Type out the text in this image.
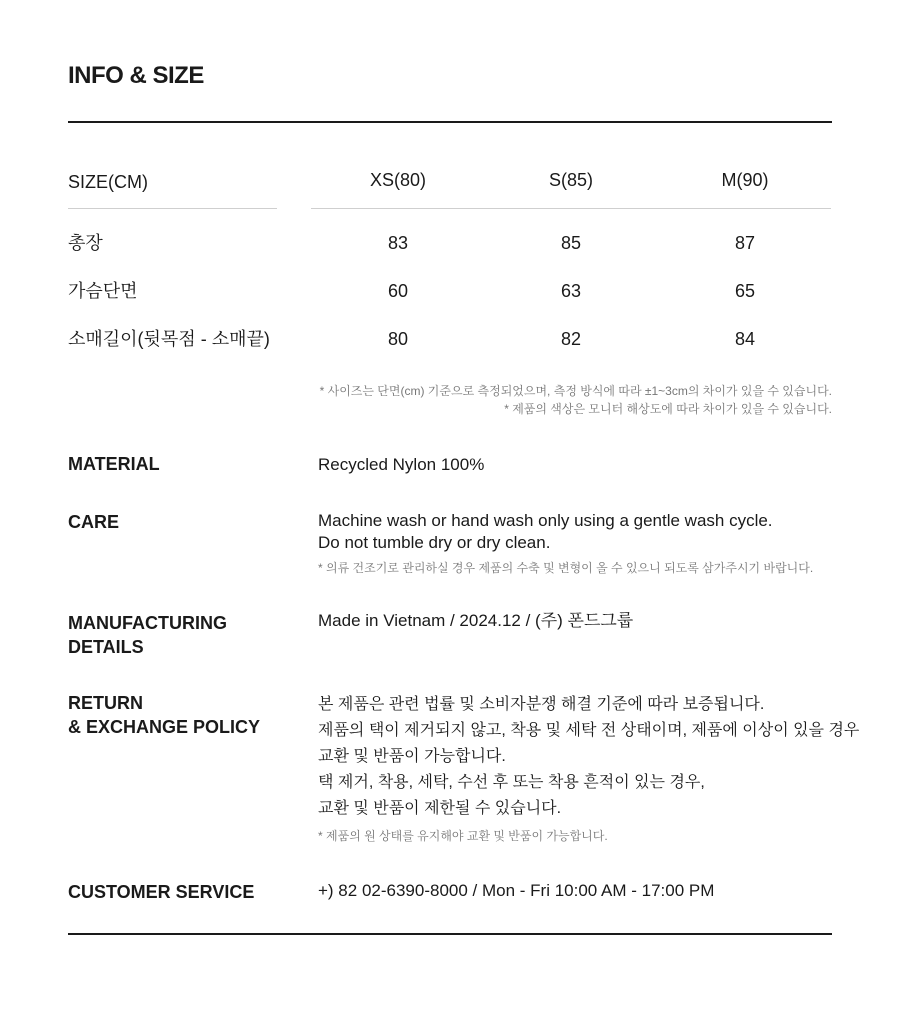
INFO & SIZE
SIZE(CM)	XS(80)	S(85)	M(90)
총장	83	85	87
가슴단면	60	63	65
소매길이(뒷목점 - 소매끝)	80	82	84
* 사이즈는 단면(cm) 기준으로 측정되었으며, 측정 방식에 따라 ±1~3cm의 차이가 있을 수 있습니다.
* 제품의 색상은 모니터 해상도에 따라 차이가 있을 수 있습니다.
MATERIAL	Recycled Nylon 100%
CARE	Machine wash or hand wash only using a gentle wash cycle.
Do not tumble dry or dry clean.
* 의류 건조기로 관리하실 경우 제품의 수축 및 변형이 올 수 있으니 되도록 삼가주시기 바랍니다.
MANUFACTURING
DETAILS
Made in Vietnam / 2024.12 / (주) 폰드그룹
RETURN
& EXCHANGE POLICY
본 제품은 관련 법률 및 소비자분쟁 해결 기준에 따라 보증됩니다.
제품의 택이 제거되지 않고, 착용 및 세탁 전 상태이며, 제품에 이상이 있을 경우
교환 및 반품이 가능합니다.
택 제거, 착용, 세탁, 수선 후 또는 착용 흔적이 있는 경우,
교환 및 반품이 제한될 수 있습니다.
* 제품의 원 상태를 유지해야 교환 및 반품이 가능합니다.
CUSTOMER SERVICE	+) 82 02-6390-8000 / Mon - Fri 10:00 AM - 17:00 PM
